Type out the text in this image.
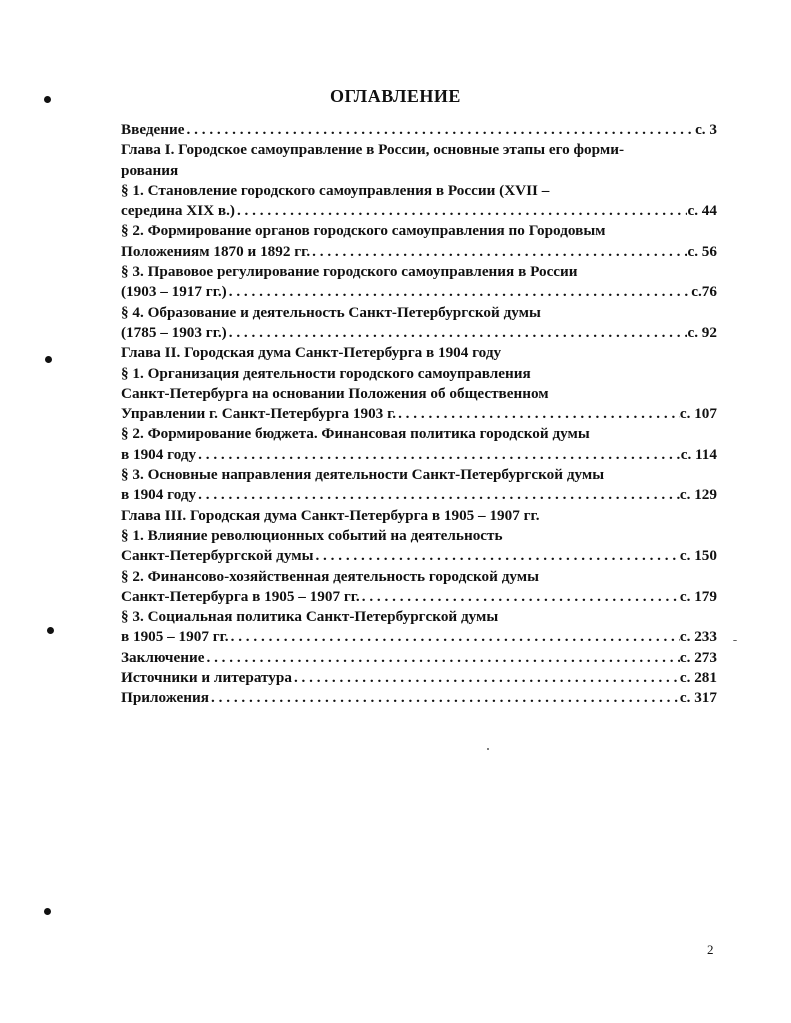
ОГЛАВЛЕНИЕ
Введение . . .	с. 3
Глава I. Городское самоуправление в России, основные этапы его форми-
рования
§ 1. Становление городского самоуправления в России (XVII –
середина XIX в.) . . .	с. 44
§ 2. Формирование органов городского самоуправления по Городовым
Положениям 1870 и 1892 гг. . . .	с. 56
§ 3. Правовое регулирование городского самоуправления в России
(1903 – 1917 гг.) . . .	с.76
§ 4. Образование и деятельность Санкт-Петербургской думы
(1785 – 1903 гг.) . . .	с. 92
Глава II. Городская дума Санкт-Петербурга в 1904 году
§ 1. Организация деятельности городского самоуправления
Санкт-Петербурга на основании Положения об общественном
Управлении г. Санкт-Петербурга 1903 г. . . .	с. 107
§ 2. Формирование бюджета. Финансовая политика городской думы
в 1904 году . . .	с. 114
§ 3. Основные направления деятельности Санкт-Петербургской думы
в 1904 году . . .	с. 129
Глава III. Городская дума Санкт-Петербурга в 1905 – 1907 гг.
§ 1. Влияние революционных событий на деятельность
Санкт-Петербургской думы . . .	с. 150
§ 2. Финансово-хозяйственная деятельность городской думы
Санкт-Петербурга в 1905 – 1907 гг. . . .	с. 179
§ 3. Социальная политика Санкт-Петербургской думы
в 1905 – 1907 гг. . . .	с. 233
Заключение . . .	с. 273
Источники и литература . . .	с. 281
Приложения . . .	с. 317
2
